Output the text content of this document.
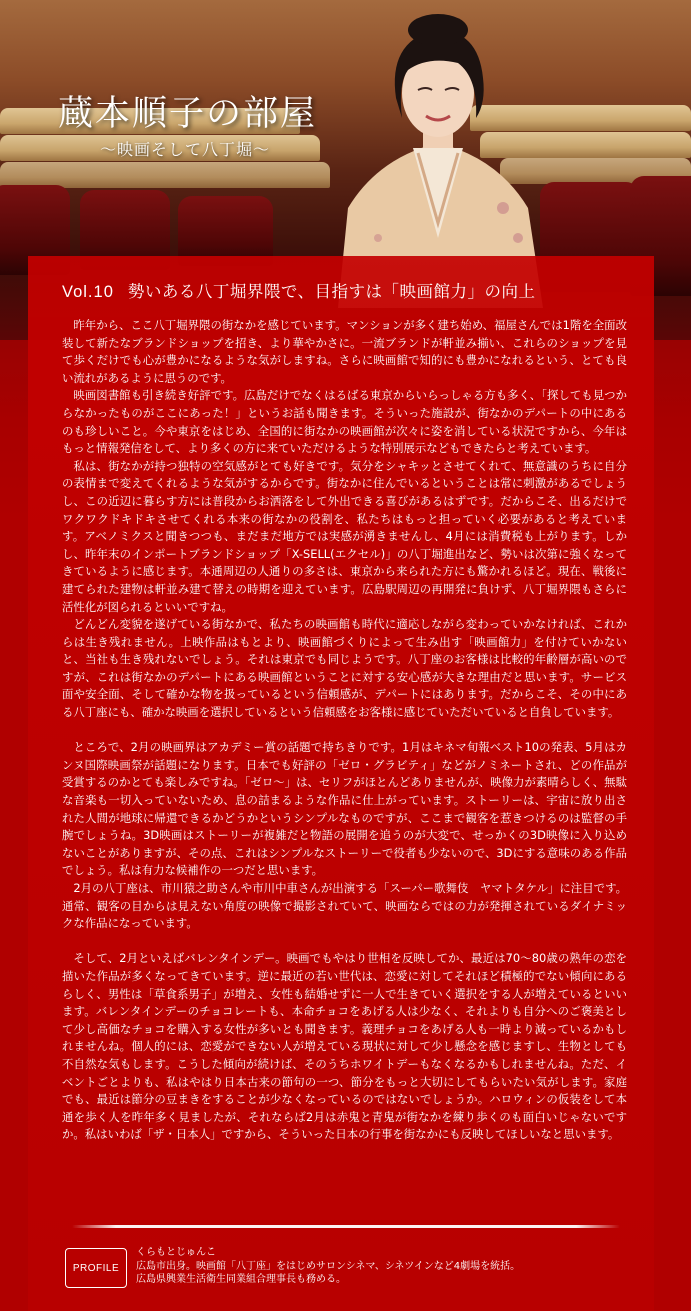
蔵本順子の部屋
〜映画そして八丁堀〜
Vol.10 勢いある八丁堀界隈で、目指すは「映画館力」の向上

昨年から、ここ八丁堀界隈の街なかを感じています。マンションが多く建ち始め、福屋さんでは1階を全面改装して新たなブランドショップを招き、より華やかさに。一流ブランドが軒並み揃い、これらのショップを見て歩くだけでも心が豊かになるような気がしますね。さらに映画館で知的にも豊かになれるという、とても良い流れがあるように思うのです。

映画図書館も引き続き好評です。広島だけでなくはるばる東京からいらっしゃる方も多く、「探しても見つからなかったものがここにあった！」というお話も聞きます。そういった施設が、街なかのデパートの中にあるのも珍しいこと。今や東京をはじめ、全国的に街なかの映画館が次々に姿を消している状況ですから、今年はもっと情報発信をして、より多くの方に来ていただけるような特別展示などもできたらと考えています。

私は、街なかが持つ独特の空気感がとても好きです。気分をシャキッとさせてくれて、無意識のうちに自分の表情まで変えてくれるような気がするからです。街なかに住んでいるということは常に刺激があるでしょうし、この近辺に暮らす方には普段からお洒落をして外出できる喜びがあるはずです。だからこそ、出るだけでワクワクドキドキさせてくれる本来の街なかの役割を、私たちはもっと担っていく必要があると考えています。アベノミクスと聞きつつも、まだまだ地方では実感が湧きませんし、4月には消費税も上がります。しかし、昨年末のインポートブランドショップ「X-SELL(エクセル)」の八丁堀進出など、勢いは次第に強くなってきているように感じます。本通周辺の人通りの多さは、東京から来られた方にも驚かれるほど。現在、戦後に建てられた建物は軒並み建て替えの時期を迎えています。広島駅周辺の再開発に負けず、八丁堀界隈もさらに活性化が図られるといいですね。

どんどん変貌を遂げている街なかで、私たちの映画館も時代に適応しながら変わっていかなければ、これからは生き残れません。上映作品はもとより、映画館づくりによって生み出す「映画館力」を付けていかないと、当社も生き残れないでしょう。それは東京でも同じようです。八丁座のお客様は比較的年齢層が高いのですが、これは街なかのデパートにある映画館ということに対する安心感が大きな理由だと思います。サービス面や安全面、そして確かな物を扱っているという信頼感が、デパートにはあります。だからこそ、その中にある八丁座にも、確かな映画を選択しているという信頼感をお客様に感じていただいていると自負しています。

ところで、2月の映画界はアカデミー賞の話題で持ちきりです。1月はキネマ旬報ベスト10の発表、5月はカンヌ国際映画祭が話題になります。日本でも好評の「ゼロ・グラビティ」などがノミネートされ、どの作品が受賞するのかとても楽しみですね。「ゼロ〜」は、セリフがほとんどありませんが、映像力が素晴らしく、無駄な音楽も一切入っていないため、息の詰まるような作品に仕上がっています。ストーリーは、宇宙に放り出された人間が地球に帰還できるかどうかというシンプルなものですが、ここまで観客を惹きつけるのは監督の手腕でしょうね。3D映画はストーリーが複雑だと物語の展開を追うのが大変で、せっかくの3D映像に入り込めないことがありますが、その点、これはシンプルなストーリーで役者も少ないので、3Dにする意味のある作品でしょう。私は有力な候補作の一つだと思います。

2月の八丁座は、市川猿之助さんや市川中車さんが出演する「スーパー歌舞伎　ヤマトタケル」に注目です。通常、観客の目からは見えない角度の映像で撮影されていて、映画ならではの力が発揮されているダイナミックな作品になっています。

そして、2月といえばバレンタインデー。映画でもやはり世相を反映してか、最近は70〜80歳の熟年の恋を描いた作品が多くなってきています。逆に最近の若い世代は、恋愛に対してそれほど積極的でない傾向にあるらしく、男性は「草食系男子」が増え、女性も結婚せずに一人で生きていく選択をする人が増えているといいます。バレンタインデーのチョコレートも、本命チョコをあげる人は少なく、それよりも自分へのご褒美として少し高価なチョコを購入する女性が多いとも聞きます。義理チョコをあげる人も一時より減っているかもしれませんね。個人的には、恋愛ができない人が増えている現状に対して少し懸念を感じますし、生物としても不自然な気もします。こうした傾向が続けば、そのうちホワイトデーもなくなるかもしれませんね。ただ、イベントごとよりも、私はやはり日本古来の節句の一つ、節分をもっと大切にしてもらいたい気がします。家庭でも、最近は節分の豆まきをすることが少なくなっているのではないでしょうか。ハロウィンの仮装をして本通を歩く人を昨年多く見ましたが、それならば2月は赤鬼と青鬼が街なかを練り歩くのも面白いじゃないですか。私はいわば「ザ・日本人」ですから、そういった日本の行事を街なかにも反映してほしいなと思います。

PROFILE
くらもとじゅんこ
広島市出身。映画館「八丁座」をはじめサロンシネマ、シネツインなど4劇場を統括。
広島県興業生活衛生同業組合理事長も務める。
